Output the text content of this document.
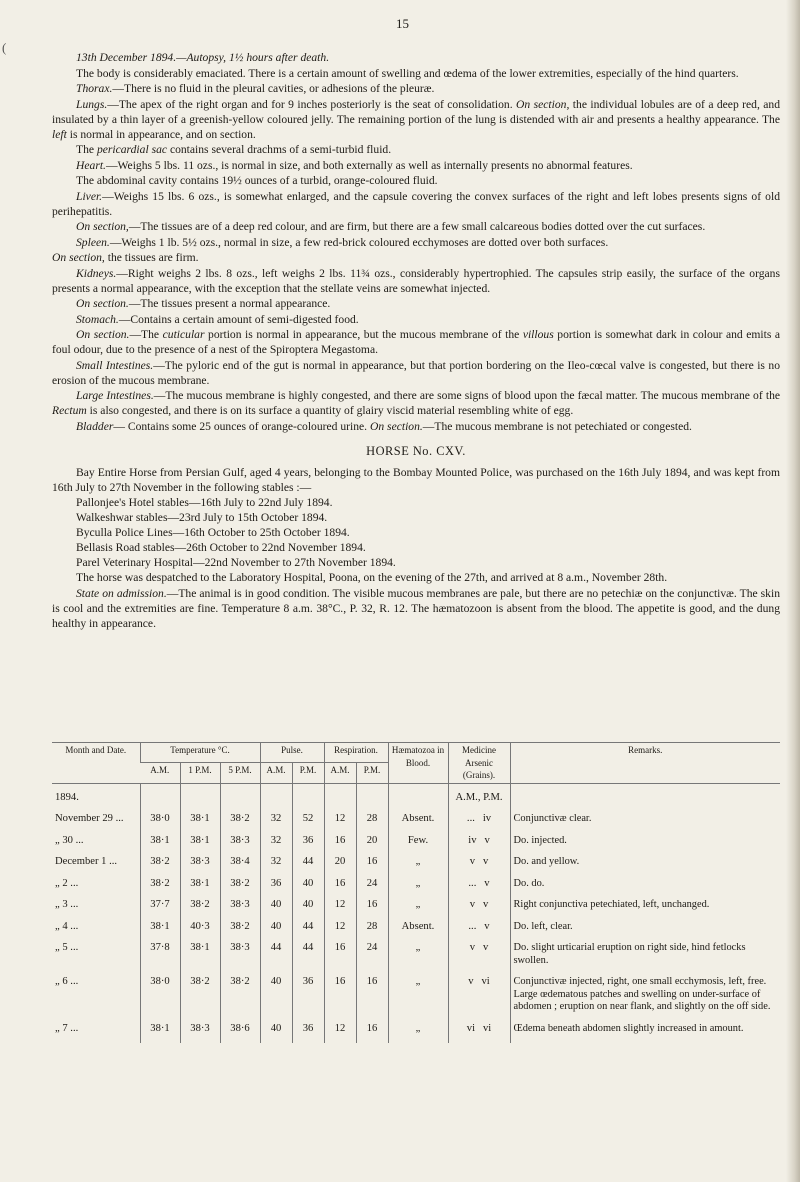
(
15

13th December 1894.—Autopsy, 1½ hours after death.

The body is considerably emaciated. There is a certain amount of swelling and œdema of the lower extremities, especially of the hind quarters.

Thorax.—There is no fluid in the pleural cavities, or adhesions of the pleuræ.

Lungs.—The apex of the right organ and for 9 inches posteriorly is the seat of consolidation. On section, the individual lobules are of a deep red, and insulated by a thin layer of a greenish-yellow coloured jelly. The remaining portion of the lung is distended with air and presents a healthy appearance. The left is normal in appearance, and on section.

The pericardial sac contains several drachms of a semi-turbid fluid.

Heart.—Weighs 5 lbs. 11 ozs., is normal in size, and both externally as well as internally presents no abnormal features.

The abdominal cavity contains 19½ ounces of a turbid, orange-coloured fluid.

Liver.—Weighs 15 lbs. 6 ozs., is somewhat enlarged, and the capsule covering the convex surfaces of the right and left lobes presents signs of old perihepatitis.

On section,—The tissues are of a deep red colour, and are firm, but there are a few small calcareous bodies dotted over the cut surfaces.

Spleen.—Weighs 1 lb. 5½ ozs., normal in size, a few red-brick coloured ecchymoses are dotted over both surfaces.

On section, the tissues are firm.

Kidneys.—Right weighs 2 lbs. 8 ozs., left weighs 2 lbs. 11¾ ozs., considerably hypertrophied. The capsules strip easily, the surface of the organs presents a normal appearance, with the exception that the stellate veins are somewhat injected.

On section.—The tissues present a normal appearance.

Stomach.—Contains a certain amount of semi-digested food.

On section.—The cuticular portion is normal in appearance, but the mucous membrane of the villous portion is somewhat dark in colour and emits a foul odour, due to the presence of a nest of the Spiroptera Megastoma.

Small Intestines.—The pyloric end of the gut is normal in appearance, but that portion bordering on the Ileo-cœcal valve is congested, but there is no erosion of the mucous membrane.

Large Intestines.—The mucous membrane is highly congested, and there are some signs of blood upon the fæcal matter. The mucous membrane of the Rectum is also congested, and there is on its surface a quantity of glairy viscid material resembling white of egg.

Bladder— Contains some 25 ounces of orange-coloured urine. On section.—The mucous membrane is not petechiated or congested.

HORSE No. CXV.

Bay Entire Horse from Persian Gulf, aged 4 years, belonging to the Bombay Mounted Police, was purchased on the 16th July 1894, and was kept from 16th July to 27th November in the following stables :—

Pallonjee's Hotel stables—16th July to 22nd July 1894.
Walkeshwar stables—23rd July to 15th October 1894.
Byculla Police Lines—16th October to 25th October 1894.
Bellasis Road stables—26th October to 22nd November 1894.
Parel Veterinary Hospital—22nd November to 27th November 1894.

The horse was despatched to the Laboratory Hospital, Poona, on the evening of the 27th, and arrived at 8 a.m., November 28th.

State on admission.—The animal is in good condition. The visible mucous membranes are pale, but there are no petechiæ on the conjunctivæ. The skin is cool and the extremities are fine. Temperature 8 a.m. 38°C., P. 32, R. 12. The hæmatozoon is absent from the blood. The appetite is good, and the dung healthy in appearance.

Month and Date.	Temperature °C.			Pulse.		Respiration.		Hæmatozoa in Blood.	Medicine Arsenic (Grains).	Remarks.
	A.M.	1 P.M.	5 P.M.	A.M.	P.M.	A.M.	P.M.			
1894.									A.M., P.M.	
November 29 ...	38·0	38·1	38·2	32	52	12	28	Absent.	... iv	Conjunctivæ clear.
„ 30 ...	38·1	38·1	38·3	32	36	16	20	Few.	iv v	Do. injected.
December 1 ...	38·2	38·3	38·4	32	44	20	16	„	v v	Do. and yellow.
„ 2 ...	38·2	38·1	38·2	36	40	16	24	„	... v	Do. do.
„ 3 ...	37·7	38·2	38·3	40	40	12	16	„	v v	Right conjunctiva petechiated, left, unchanged.
„ 4 ...	38·1	40·3	38·2	40	44	12	28	Absent.	... v	Do. left, clear.
„ 5 ...	37·8	38·1	38·3	44	44	16	24	„	v v	Do. slight urticarial eruption on right side, hind fetlocks swollen.
„ 6 ...	38·0	38·2	38·2	40	36	16	16	„	v vi	Conjunctivæ injected, right, one small ecchymosis, left, free. Large œdematous patches and swelling on under-surface of abdomen ; eruption on near flank, and slightly on the off side.
„ 7 ...	38·1	38·3	38·6	40	36	12	16	„	vi vi	Œdema beneath abdomen slightly increased in amount.
